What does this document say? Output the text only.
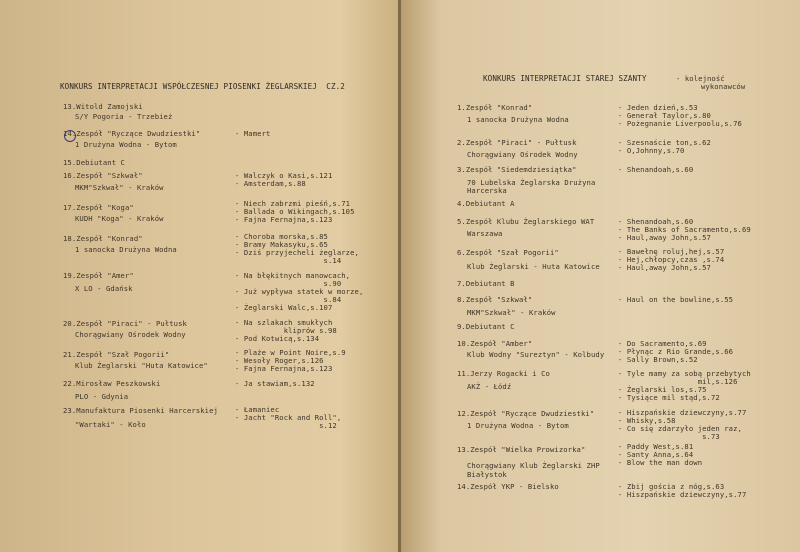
KONKURS INTERPRETACJI WSPÓŁCZESNEJ PIOSENKI ŻEGLARSKIEJ  CZ.2
13.Witold Zamojski
S/Y Pogoria - Trzebież
14.Zespół "Ryczące Dwudziestki"
1 Drużyna Wodna - Bytom
- Mamert
15.Debiutant C
16.Zespół "Szkwał"
MKM"Szkwał" - Kraków
- Walczyk o Kasi,s.121
- Amsterdam,s.88
17.Zespół "Koga"
KUDH "Koga" - Kraków
- Niech zabrzmi pieśń,s.71
- Ballada o Wikingach,s.105
- Fajna Fernajna,s.123
18.Zespół "Konrad"
1 sanocka Drużyna Wodna
- Choroba morska,s.85
- Bramy Makasyku,s.65
- Dziś przyjecheli żeglarze,
s.14
19.Zespół "Amer"
X LO - Gdańsk
- Na błękitnych manowcach,
s.90
- Już wypływa statek w morze,
s.84
- Żeglarski Walc,s.107
20.Zespół "Piraci" - Pułtusk
Chorągwiany Ośrodek Wodny
- Na szlakach smukłych
kliprów s.98
- Pod Kotwicą,s.134
21.Zespół "Szał Pogorii"
Klub Żeglarski "Huta Katowice"
- Plaże w Point Noire,s.9
- Wesoły Roger,s.126
- Fajna Fernajna,s.123
22.Mirosław Peszkowski
PLO - Gdynia
- Ja stawiam,s.132
23.Manufaktura Piosenki Harcerskiej
"Wartaki" - Koło
- Łamaniec
- Jacht "Rock and Roll",
s.12
KONKURS INTERPRETACJI STAREJ SZANTY	- kolejność
wykonawców
1.Zespół "Konrad"
1 sanocka Drużyna Wodna
- Jeden dzień,s.53
- Generał Taylor,s.80
- Pożegnanie Liverpoolu,s.76
2.Zespół "Piraci" - Pułtusk
Chorągwiany Ośrodek Wodny
- Szesnaście ton,s.62
- O,Johnny,s.70
3.Zespół "Siedemdziesiątka"
70 Lubelska Żeglarska Drużyna
Harcerska
- Shenandoah,s.60
4.Debiutant A
5.Zespół Klubu Żeglarskiego WAT
Warszawa
- Shenandoah,s.60
- The Banks of Sacramento,s.69
- Haul,away John,s.57
6.Zespół "Szał Pogorii"
Klub Żeglarski - Huta Katowice
- Bawełnę roluj,hej,s.57
- Hej,chłopcy,czas ,s.74
- Haul,away John,s.57
7.Debiutant B
8.Zespół "Szkwał"
MKM"Szkwał" - Kraków
- Haul on the bowline,s.55
9.Debiutant C
10.Zespół "Amber"
Klub Wodny "Sureztyn" - Kolbudy
- Do Sacramento,s.69
- Płynąc z Rio Grande,s.66
- Sally Brown,s.52
11.Jerzy Rogacki i Co
AKŻ - Łódź
- Tyle mamy za sobą przebytych
mil,s.126
- Żeglarski los,s.75
- Tysiące mil stąd,s.72
12.Zespół "Ryczące Dwudziestki"
1 Drużyna Wodna - Bytom
- Hiszpańskie dziewczyny,s.77
- Whisky,s.58
- Co się zdarzyło jeden raz,
s.73
13.Zespół "Wielka Prowizorka"
Chorągwiany Klub Żeglarski ZHP
Białystok
- Paddy West,s.81
- Santy Anna,s.64
- Blow the man down
14.Zespół YKP - Bielsko	- Zbij gościa z nóg,s.63
- Hiszpańskie dziewczyny,s.77
